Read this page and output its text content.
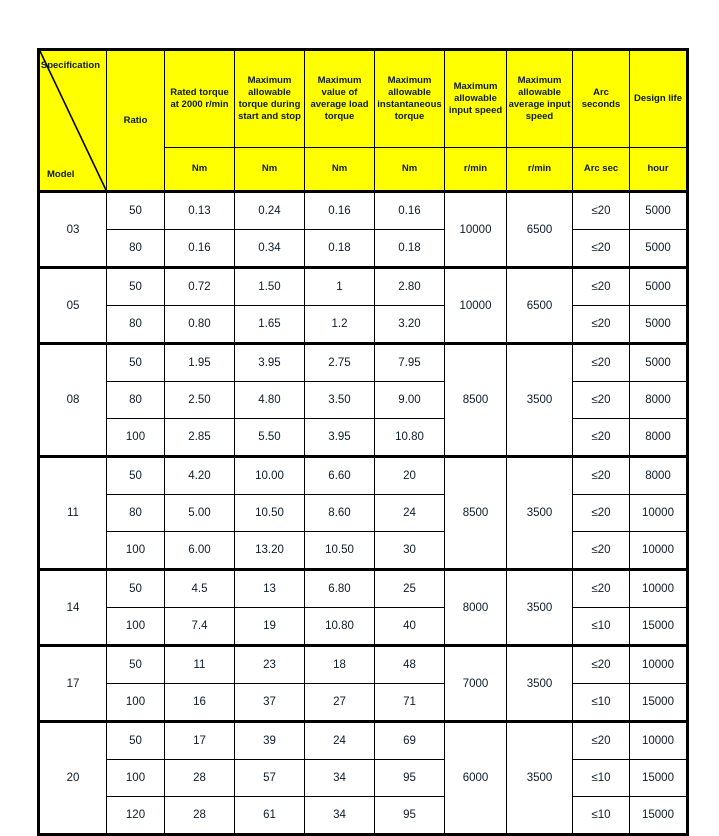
Specification
Model	Ratio	Rated torque at 2000 r/min	Maximum allowable torque during start and stop	Maximum value of average load torque	Maximum allowable instantaneous torque	Maximum allowable input speed	Maximum allowable average input speed	Arc seconds	Design life
		Nm	Nm	Nm	Nm	r/min	r/min	Arc sec	hour
03	50	0.13	0.24	0.16	0.16	10000	6500	≤20	5000
	80	0.16	0.34	0.18	0.18			≤20	5000
05	50	0.72	1.50	1	2.80	10000	6500	≤20	5000
	80	0.80	1.65	1.2	3.20			≤20	5000
08	50	1.95	3.95	2.75	7.95	8500	3500	≤20	5000
	80	2.50	4.80	3.50	9.00			≤20	8000
	100	2.85	5.50	3.95	10.80			≤20	8000
11	50	4.20	10.00	6.60	20	8500	3500	≤20	8000
	80	5.00	10.50	8.60	24			≤20	10000
	100	6.00	13.20	10.50	30			≤20	10000
14	50	4.5	13	6.80	25	8000	3500	≤20	10000
	100	7.4	19	10.80	40			≤10	15000
17	50	11	23	18	48	7000	3500	≤20	10000
	100	16	37	27	71			≤10	15000
20	50	17	39	24	69	6000	3500	≤20	10000
	100	28	57	34	95			≤10	15000
	120	28	61	34	95			≤10	15000
